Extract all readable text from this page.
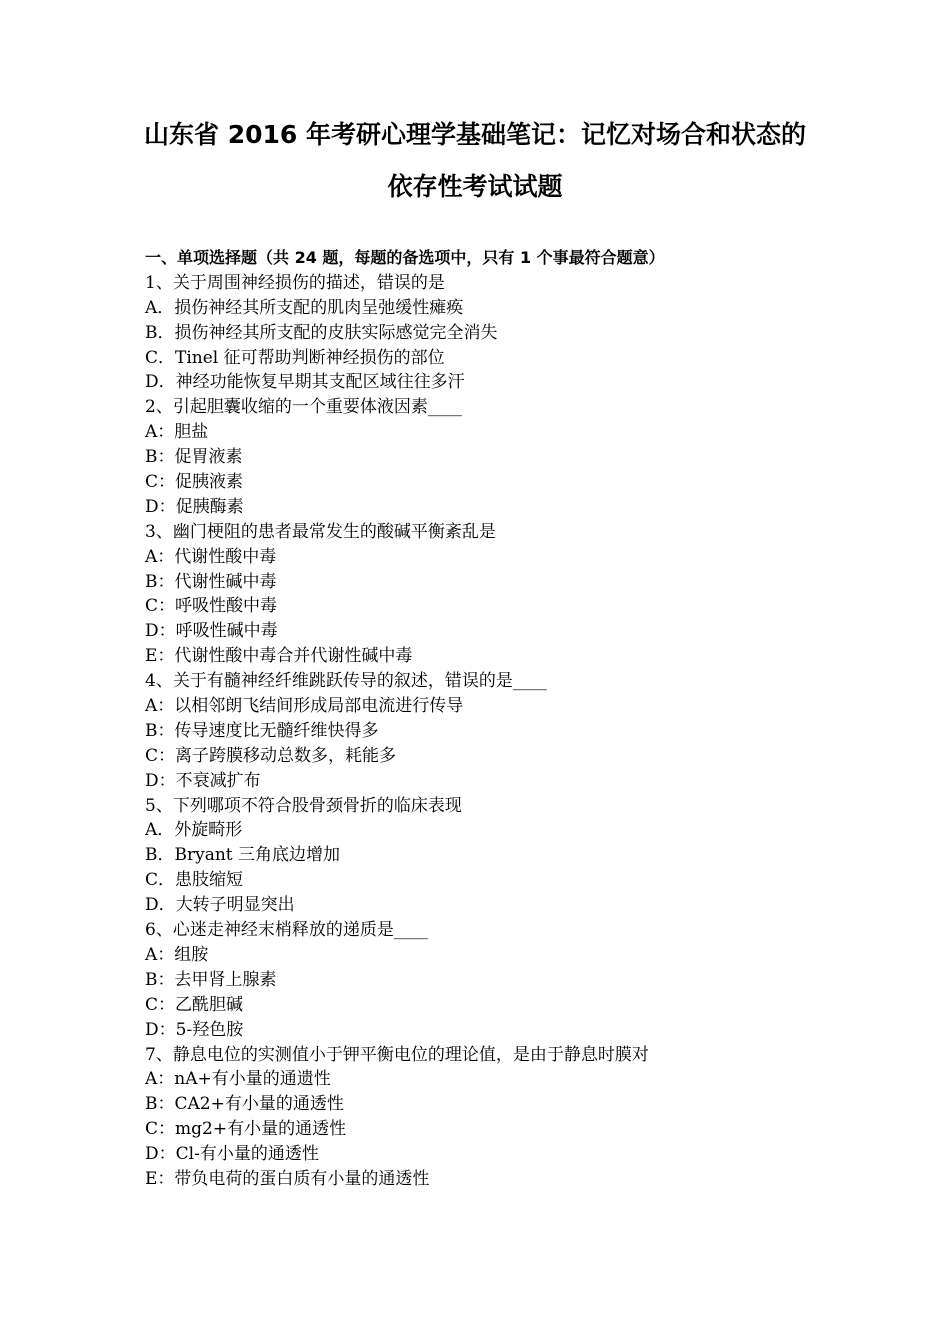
山东省 2016 年考研心理学基础笔记：记忆对场合和状态的
依存性考试试题
一、单项选择题（共 24 题，每题的备选项中，只有 1 个事最符合题意）
1、关于周围神经损伤的描述，错误的是
A．损伤神经其所支配的肌肉呈弛缓性瘫痪
B．损伤神经其所支配的皮肤实际感觉完全消失
C．Tinel 征可帮助判断神经损伤的部位
D．神经功能恢复早期其支配区域往往多汗
2、引起胆囊收缩的一个重要体液因素____
A：胆盐
B：促胃液素
C：促胰液素
D：促胰酶素
3、幽门梗阻的患者最常发生的酸碱平衡紊乱是
A：代谢性酸中毒
B：代谢性碱中毒
C：呼吸性酸中毒
D：呼吸性碱中毒
E：代谢性酸中毒合并代谢性碱中毒
4、关于有髓神经纤维跳跃传导的叙述，错误的是____
A：以相邻朗飞结间形成局部电流进行传导
B：传导速度比无髓纤维快得多
C：离子跨膜移动总数多，耗能多
D：不衰减扩布
5、下列哪项不符合股骨颈骨折的临床表现
A．外旋畸形
B．Bryant 三角底边增加
C．患肢缩短
D．大转子明显突出
6、心迷走神经末梢释放的递质是____
A：组胺
B：去甲肾上腺素
C：乙酰胆碱
D：5-羟色胺
7、静息电位的实测值小于钾平衡电位的理论值，是由于静息时膜对
A：nA+有小量的通遗性
B：CA2+有小量的通透性
C：mg2+有小量的通透性
D：Cl-有小量的通透性
E：带负电荷的蛋白质有小量的通透性
